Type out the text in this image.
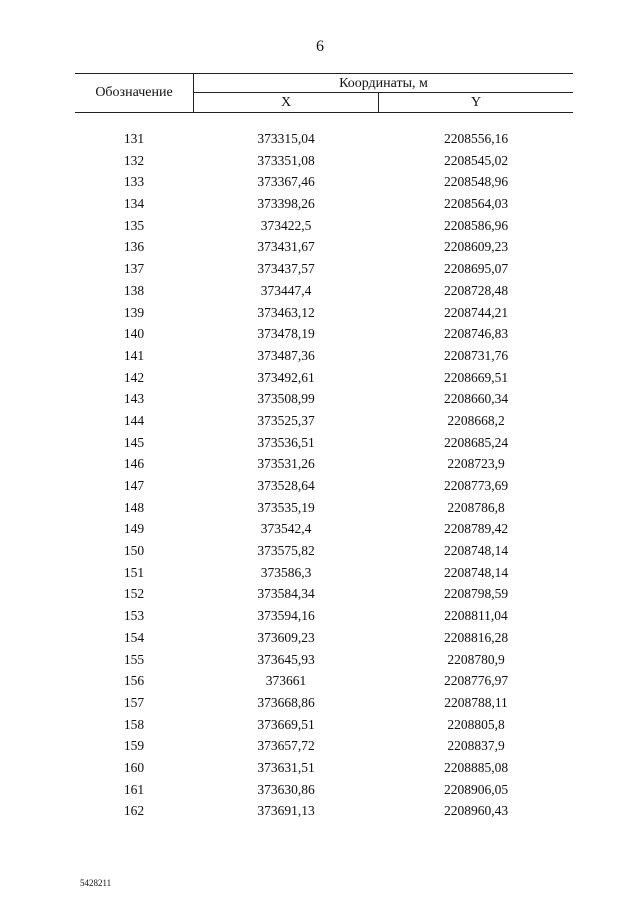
6
Обозначение
Координаты, м
X	Y
131	373315,04	2208556,16
132	373351,08	2208545,02
133	373367,46	2208548,96
134	373398,26	2208564,03
135	373422,5	2208586,96
136	373431,67	2208609,23
137	373437,57	2208695,07
138	373447,4	2208728,48
139	373463,12	2208744,21
140	373478,19	2208746,83
141	373487,36	2208731,76
142	373492,61	2208669,51
143	373508,99	2208660,34
144	373525,37	2208668,2
145	373536,51	2208685,24
146	373531,26	2208723,9
147	373528,64	2208773,69
148	373535,19	2208786,8
149	373542,4	2208789,42
150	373575,82	2208748,14
151	373586,3	2208748,14
152	373584,34	2208798,59
153	373594,16	2208811,04
154	373609,23	2208816,28
155	373645,93	2208780,9
156	373661	2208776,97
157	373668,86	2208788,11
158	373669,51	2208805,8
159	373657,72	2208837,9
160	373631,51	2208885,08
161	373630,86	2208906,05
162	373691,13	2208960,43
5428211
